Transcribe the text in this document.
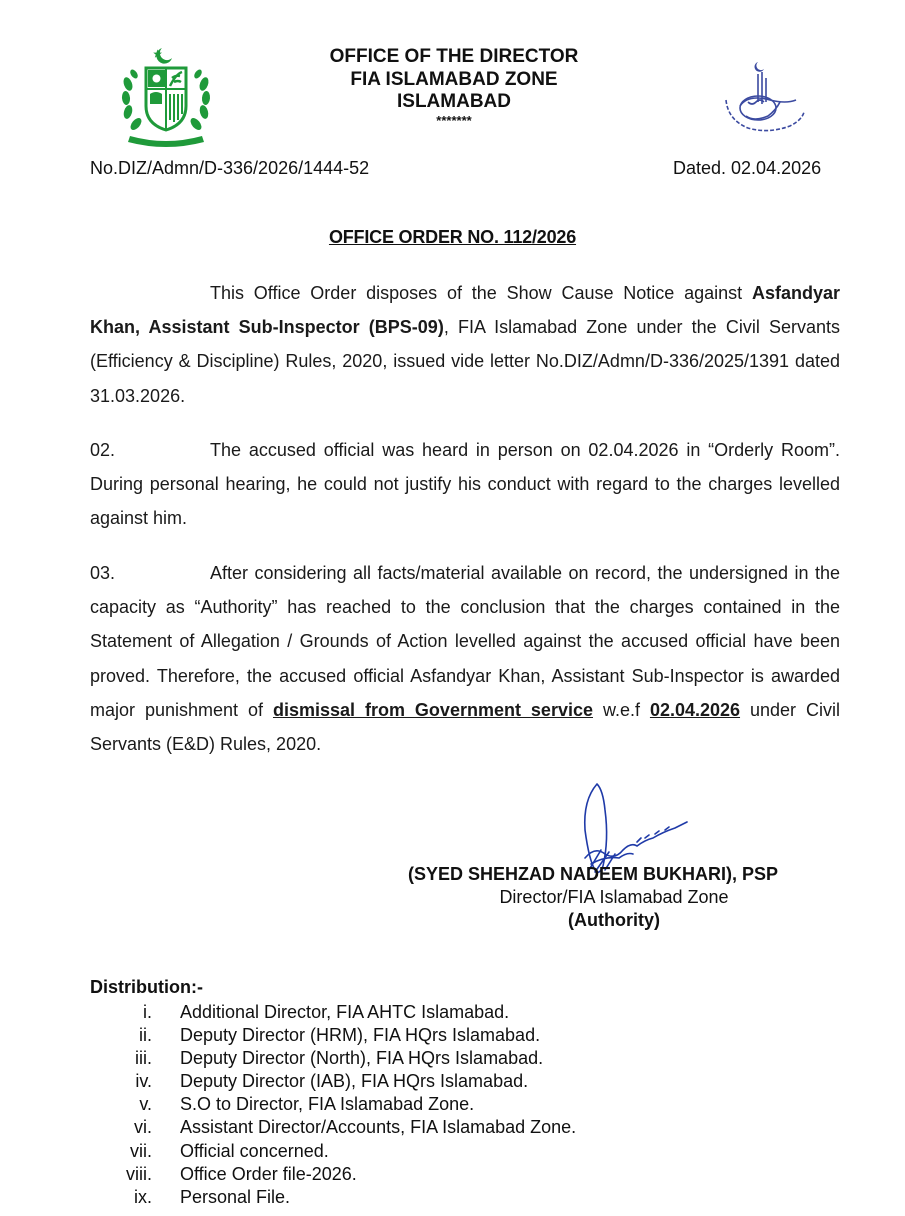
OFFICE OF THE DIRECTOR
FIA ISLAMABAD ZONE
ISLAMABAD
*******
No.DIZ/Admn/D-336/2026/1444-52	Dated. 02.04.2026
OFFICE ORDER NO. 112/2026
This Office Order disposes of the Show Cause Notice against Asfandyar Khan, Assistant Sub-Inspector (BPS-09), FIA Islamabad Zone under the Civil Servants (Efficiency & Discipline) Rules, 2020, issued vide letter No.DIZ/Admn/D-336/2025/1391 dated 31.03.2026.
02.	The accused official was heard in person on 02.04.2026 in “Orderly Room”. During personal hearing, he could not justify his conduct with regard to the charges levelled against him.
03.	After considering all facts/material available on record, the undersigned in the capacity as “Authority” has reached to the conclusion that the charges contained in the Statement of Allegation / Grounds of Action levelled against the accused official have been proved. Therefore, the accused official Asfandyar Khan, Assistant Sub-Inspector is awarded major punishment of dismissal from Government service w.e.f 02.04.2026 under Civil Servants (E&D) Rules, 2020.
(SYED SHEHZAD NADEEM BUKHARI), PSP
Director/FIA Islamabad Zone
(Authority)
Distribution:-
i.	Additional Director, FIA AHTC Islamabad.
ii.	Deputy Director (HRM), FIA HQrs Islamabad.
iii.	Deputy Director (North), FIA HQrs Islamabad.
iv.	Deputy Director (IAB), FIA HQrs Islamabad.
v.	S.O to Director, FIA Islamabad Zone.
vi.	Assistant Director/Accounts, FIA Islamabad Zone.
vii.	Official concerned.
viii.	Office Order file-2026.
ix.	Personal File.
